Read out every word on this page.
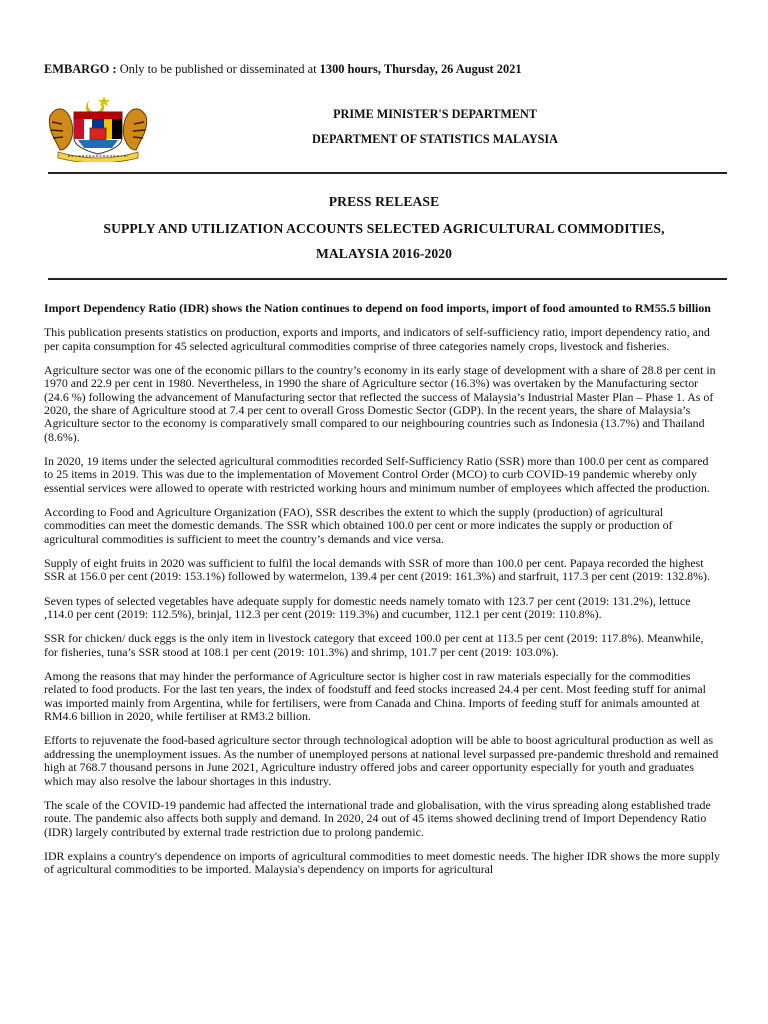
EMBARGO : Only to be published or disseminated at 1300 hours, Thursday, 26 August 2021
PRIME MINISTER'S DEPARTMENT
DEPARTMENT OF STATISTICS MALAYSIA
PRESS RELEASE
SUPPLY AND UTILIZATION ACCOUNTS SELECTED AGRICULTURAL COMMODITIES,
MALAYSIA 2016-2020

Import Dependency Ratio (IDR) shows the Nation continues to depend on food imports, import of food amounted to RM55.5 billion

This publication presents statistics on production, exports and imports, and indicators of self-sufficiency ratio, import dependency ratio, and per capita consumption for 45 selected agricultural commodities comprise of three categories namely crops, livestock and fisheries.

Agriculture sector was one of the economic pillars to the country’s economy in its early stage of development with a share of 28.8 per cent in 1970 and 22.9 per cent in 1980. Nevertheless, in 1990 the share of Agriculture sector (16.3%) was overtaken by the Manufacturing sector (24.6 %) following the advancement of Manufacturing sector that reflected the success of Malaysia’s Industrial Master Plan – Phase 1. As of 2020, the share of Agriculture stood at 7.4 per cent to overall Gross Domestic Sector (GDP). In the recent years, the share of Malaysia’s Agriculture sector to the economy is comparatively small compared to our neighbouring countries such as Indonesia (13.7%) and Thailand (8.6%).

In 2020, 19 items under the selected agricultural commodities recorded Self-Sufficiency Ratio (SSR) more than 100.0 per cent as compared to 25 items in 2019. This was due to the implementation of Movement Control Order (MCO) to curb COVID-19 pandemic whereby only essential services were allowed to operate with restricted working hours and minimum number of employees which affected the production.

According to Food and Agriculture Organization (FAO), SSR describes the extent to which the supply (production) of agricultural commodities can meet the domestic demands. The SSR which obtained 100.0 per cent or more indicates the supply or production of agricultural commodities is sufficient to meet the country’s demands and vice versa.

Supply of eight fruits in 2020 was sufficient to fulfil the local demands with SSR of more than 100.0 per cent. Papaya recorded the highest SSR at 156.0 per cent (2019: 153.1%) followed by watermelon, 139.4 per cent (2019: 161.3%) and starfruit, 117.3 per cent (2019: 132.8%).

Seven types of selected vegetables have adequate supply for domestic needs namely tomato with 123.7 per cent (2019: 131.2%), lettuce ,114.0 per cent (2019: 112.5%), brinjal, 112.3 per cent (2019: 119.3%) and cucumber, 112.1 per cent (2019: 110.8%).

SSR for chicken/ duck eggs is the only item in livestock category that exceed 100.0 per cent at 113.5 per cent (2019: 117.8%). Meanwhile, for fisheries, tuna’s SSR stood at 108.1 per cent (2019: 101.3%) and shrimp, 101.7 per cent (2019: 103.0%).

Among the reasons that may hinder the performance of Agriculture sector is higher cost in raw materials especially for the commodities related to food products. For the last ten years, the index of foodstuff and feed stocks increased 24.4 per cent. Most feeding stuff for animal was imported mainly from Argentina, while for fertilisers, were from Canada and China. Imports of feeding stuff for animals amounted at RM4.6 billion in 2020, while fertiliser at RM3.2 billion.

Efforts to rejuvenate the food-based agriculture sector through technological adoption will be able to boost agricultural production as well as addressing the unemployment issues. As the number of unemployed persons at national level surpassed pre-pandemic threshold and remained high at 768.7 thousand persons in June 2021, Agriculture industry offered jobs and career opportunity especially for youth and graduates which may also resolve the labour shortages in this industry.

The scale of the COVID-19 pandemic had affected the international trade and globalisation, with the virus spreading along established trade route. The pandemic also affects both supply and demand. In 2020, 24 out of 45 items showed declining trend of Import Dependency Ratio (IDR) largely contributed by external trade restriction due to prolong pandemic.

IDR explains a country's dependence on imports of agricultural commodities to meet domestic needs. The higher IDR shows the more supply of agricultural commodities to be imported. Malaysia's dependency on imports for agricultural
